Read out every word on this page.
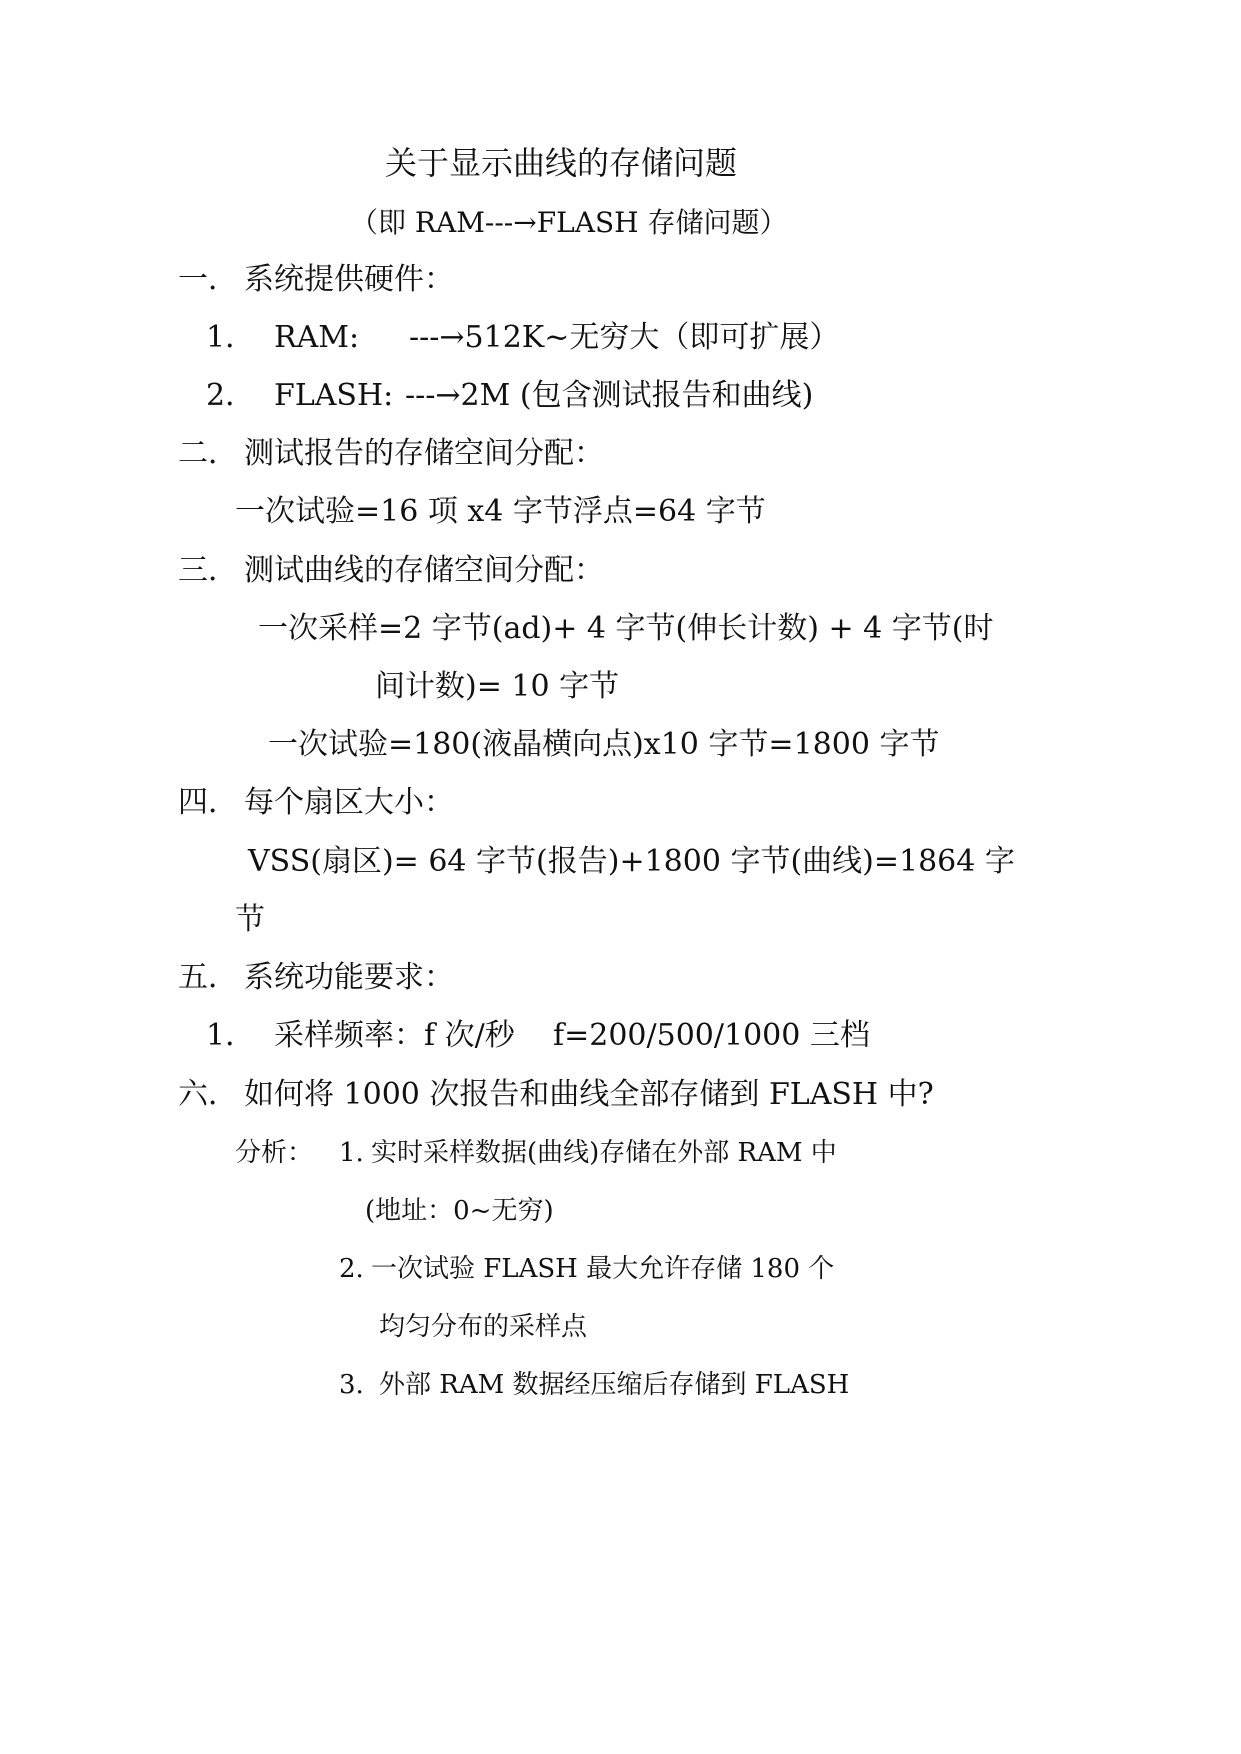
关于显示曲线的存储问题
（即 RAM---→FLASH 存储问题）
一． 系统提供硬件：
1． RAM: ---→512K~无穷大（即可扩展）
2． FLASH: ---→2M (包含测试报告和曲线)
二． 测试报告的存储空间分配：
一次试验=16 项 x4 字节浮点=64 字节
三． 测试曲线的存储空间分配：
一次采样=2 字节(ad)+ 4 字节(伸长计数) + 4 字节(时
间计数)= 10 字节
一次试验=180(液晶横向点)x10 字节=1800 字节
四． 每个扇区大小：
VSS(扇区)= 64 字节(报告)+1800 字节(曲线)=1864 字
节
五． 系统功能要求：
1． 采样频率：f 次/秒 f=200/500/1000 三档
六． 如何将 1000 次报告和曲线全部存储到 FLASH 中?
分析： 1. 实时采样数据(曲线)存储在外部 RAM 中
(地址：0~无穷)
2. 一次试验 FLASH 最大允许存储 180 个
均匀分布的采样点
3. 外部 RAM 数据经压缩后存储到 FLASH
